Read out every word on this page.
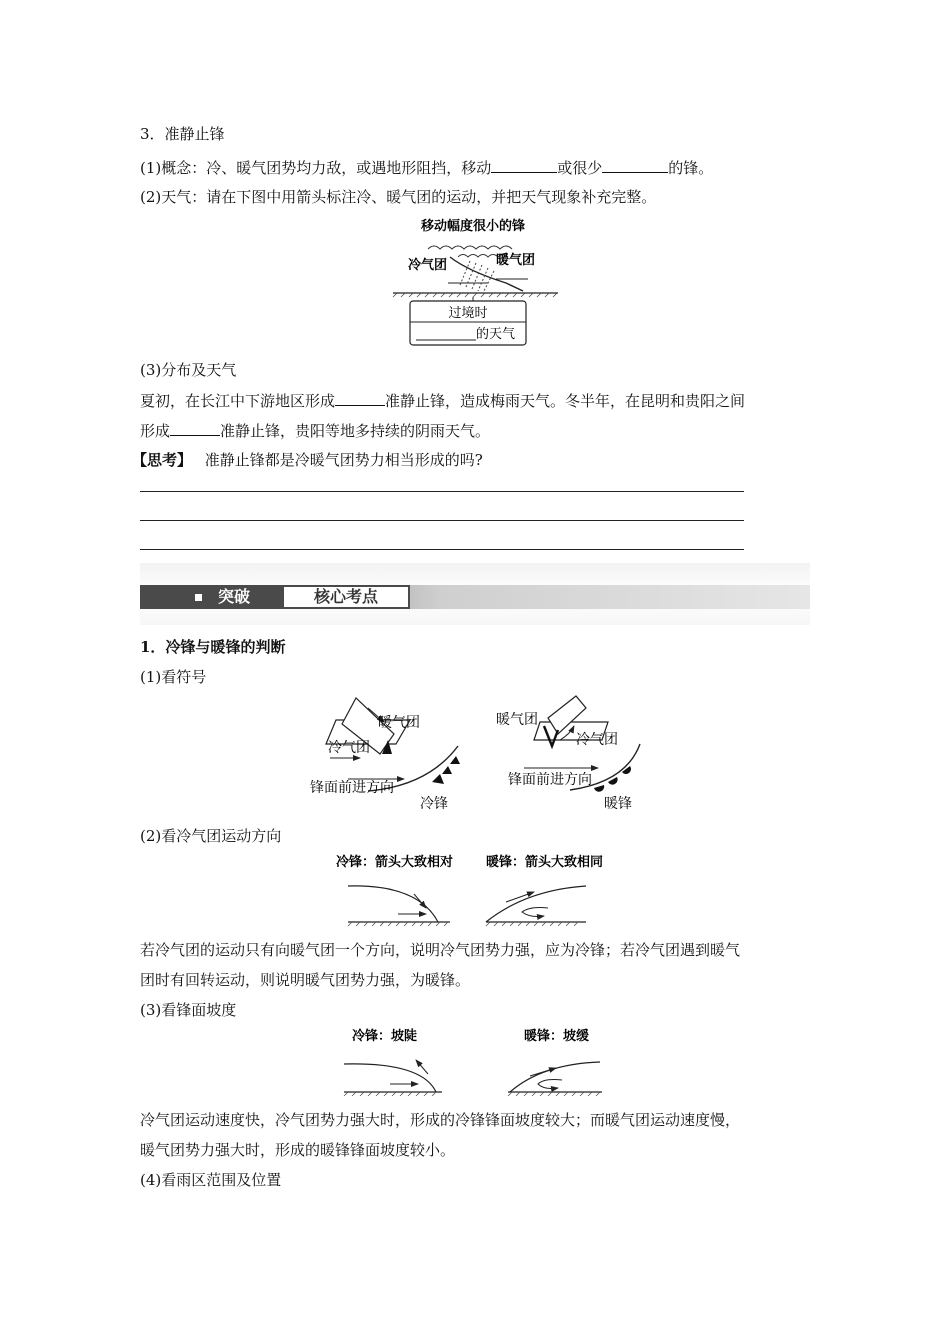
3．准静止锋
(1)概念：冷、暖气团势均力敌，或遇地形阻挡，移动	或很少	的锋。
(2)天气：请在下图中用箭头标注冷、暖气团的运动，并把天气现象补充完整。
移动幅度很小的锋
冷气团	暖气团
过境时
的天气
(3)分布及天气
夏初，在长江中下游地区形成	准静止锋，造成梅雨天气。冬半年，在昆明和贵阳之间
形成	准静止锋，贵阳等地多持续的阴雨天气。
【思考】 准静止锋都是冷暖气团势力相当形成的吗?
突破	核心考点
1．冷锋与暖锋的判断
(1)看符号
暖气团
冷气团
锋面前进方向
冷锋
暖气团
冷气团
锋面前进方向
暖锋
(2)看冷气团运动方向
冷锋：箭头大致相对	暖锋：箭头大致相同
若冷气团的运动只有向暖气团一个方向，说明冷气团势力强，应为冷锋；若冷气团遇到暖气
团时有回转运动，则说明暖气团势力强，为暖锋。
(3)看锋面坡度
冷锋：坡陡	暖锋：坡缓
冷气团运动速度快，冷气团势力强大时，形成的冷锋锋面坡度较大；而暖气团运动速度慢，
暖气团势力强大时，形成的暖锋锋面坡度较小。
(4)看雨区范围及位置
